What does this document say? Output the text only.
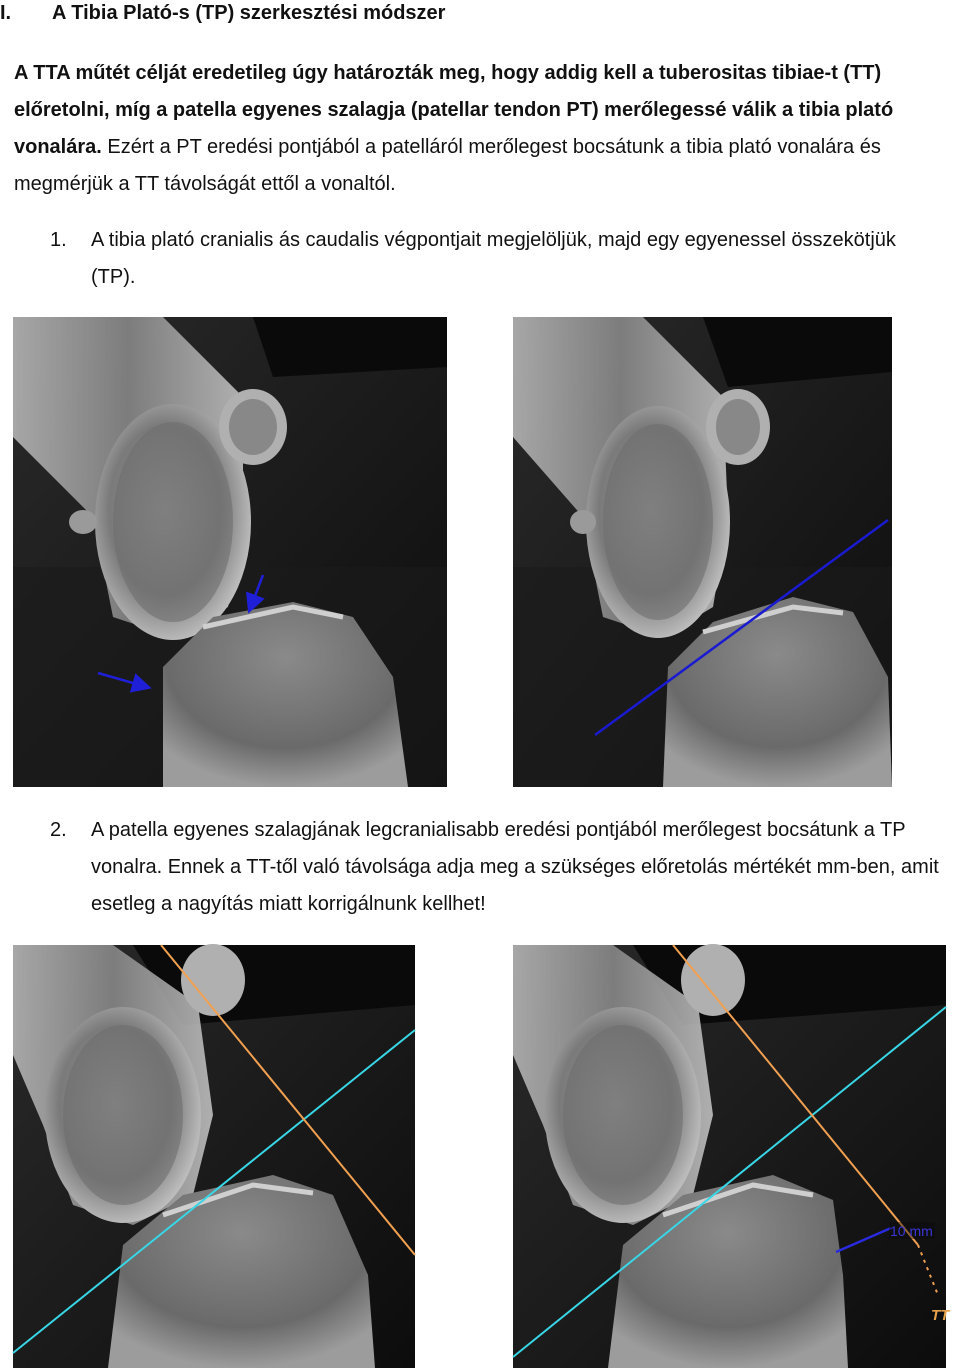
I. A Tibia Plató-s (TP) szerkesztési módszer
A TTA műtét célját eredetileg úgy határozták meg, hogy addig kell a tuberositas tibiae-t (TT) előretolni, míg a patella egyenes szalagja (patellar tendon PT) merőlegessé válik a tibia plató vonalára. Ezért a PT eredési pontjából a patelláról merőlegest bocsátunk a tibia plató vonalára és megmérjük a TT távolságát ettől a vonaltól.
1. A tibia plató cranialis ás caudalis végpontjait megjelöljük, majd egy egyenessel összekötjük (TP).
2. A patella egyenes szalagjának legcranialisabb eredési pontjából merőlegest bocsátunk a TP vonalra. Ennek a TT-től való távolsága adja meg a szükséges előretolás mértékét mm-ben, amit esetleg a nagyítás miatt korrigálnunk kellhet!
10 mm
TT
